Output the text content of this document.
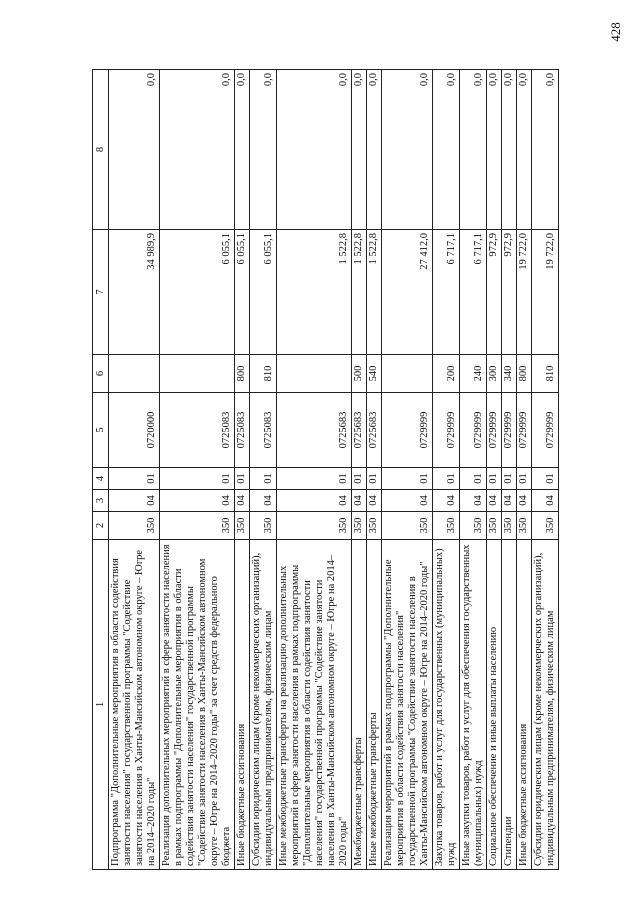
428
1	2	3	4	5	6	7	8
Подпрограмма "Дополнительные мероприятия в области содействия занятости населения" государственной программы "Содействие занятости населения в Ханты-Мансийском автономном округе – Югре на 2014–2020 годы"	350	04	01	0720000		34 989,9	0,0
Реализация дополнительных мероприятий в сфере занятости населения в рамках подпрограммы "Дополнительные мероприятия в области содействия занятости населения" государственной программы "Содействие занятости населения в Ханты-Мансийском автономном округе – Югре на 2014–2020 годы" за счет средств федерального бюджета	350	04	01	0725083		6 055,1	0,0
Иные бюджетные ассигнования	350	04	01	0725083	800	6 055,1	0,0
Субсидии юридическим лицам (кроме некоммерческих организаций), индивидуальным предпринимателям, физическим лицам	350	04	01	0725083	810	6 055,1	0,0
Иные межбюджетные трансферты на реализацию дополнительных мероприятий в сфере занятости населения в рамках подпрограммы "Дополнительные мероприятия в области содействия занятости населения" государственной программы "Содействие занятости населения в Ханты-Мансийском автономном округе – Югре на 2014–2020 годы"	350	04	01	0725683		1 522,8	0,0
Межбюджетные трансферты	350	04	01	0725683	500	1 522,8	0,0
Иные межбюджетные трансферты	350	04	01	0725683	540	1 522,8	0,0
Реализация мероприятий в рамках подпрограммы "Дополнительные мероприятия в области содействия занятости населения" государственной программы "Содействие занятости населения в Ханты-Мансийском автономном округе – Югре на 2014–2020 годы"	350	04	01	0729999		27 412,0	0,0
Закупка товаров, работ и услуг для государственных (муниципальных) нужд	350	04	01	0729999	200	6 717,1	0,0
Иные закупки товаров, работ и услуг для обеспечения государственных (муниципальных) нужд	350	04	01	0729999	240	6 717,1	0,0
Социальное обеспечение и иные выплаты населению	350	04	01	0729999	300	972,9	0,0
Стипендии	350	04	01	0729999	340	972,9	0,0
Иные бюджетные ассигнования	350	04	01	0729999	800	19 722,0	0,0
Субсидии юридическим лицам (кроме некоммерческих организаций), индивидуальным предпринимателям, физическим лицам	350	04	01	0729999	810	19 722,0	0,0
